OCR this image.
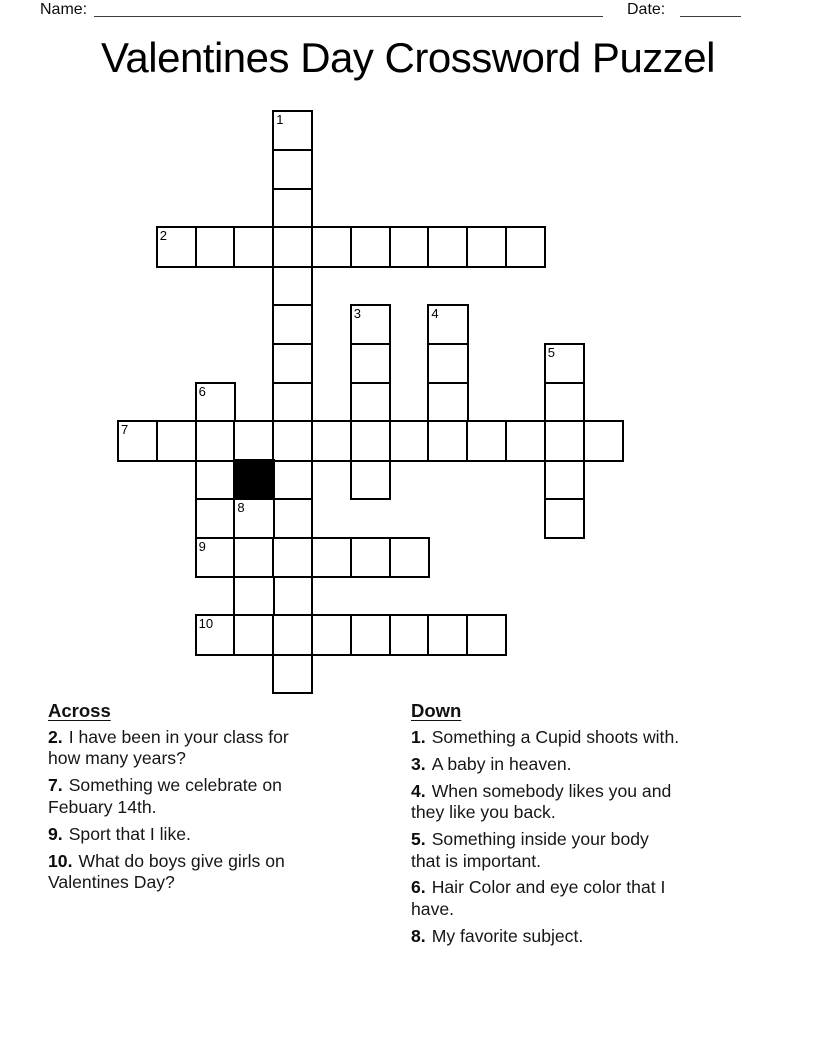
Name:	Date:
Valentines Day Crossword Puzzel
1
2
3	4
5
6
7
8
9
10
Across
2. I have been in your class for
how many years?
7. Something we celebrate on
Febuary 14th.
9. Sport that I like.
10. What do boys give girls on
Valentines Day?
Down
1. Something a Cupid shoots with.
3. A baby in heaven.
4. When somebody likes you and
they like you back.
5. Something inside your body
that is important.
6. Hair Color and eye color that I
have.
8. My favorite subject.
